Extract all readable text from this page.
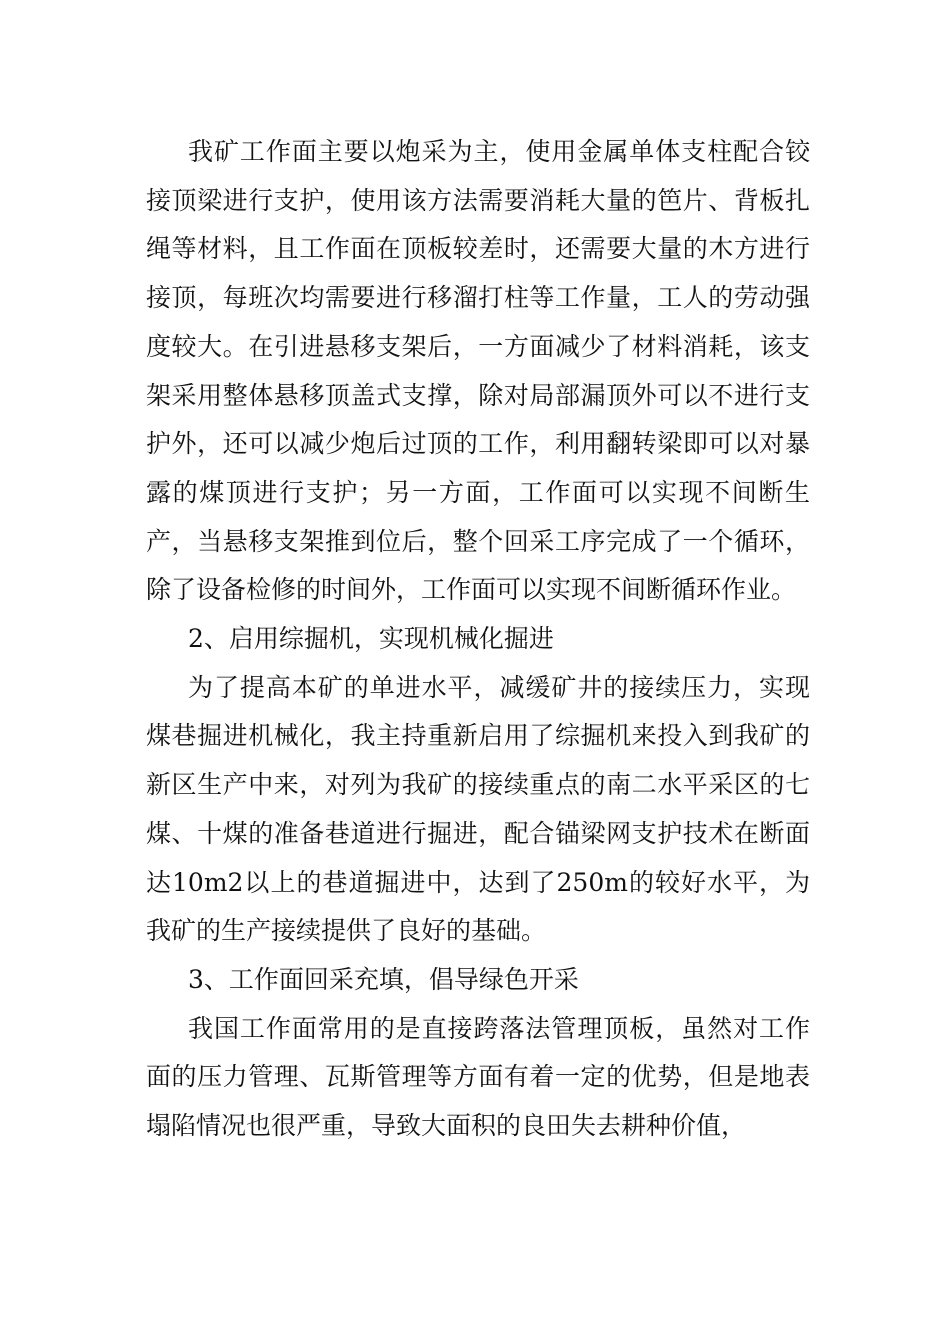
我矿工作面主要以炮采为主，使用金属单体支柱配合铰接顶梁进行支护，使用该方法需要消耗大量的笆片、背板扎绳等材料，且工作面在顶板较差时，还需要大量的木方进行接顶，每班次均需要进行移溜打柱等工作量，工人的劳动强度较大。在引进悬移支架后，一方面减少了材料消耗，该支架采用整体悬移顶盖式支撑，除对局部漏顶外可以不进行支护外，还可以减少炮后过顶的工作，利用翻转梁即可以对暴露的煤顶进行支护；另一方面，工作面可以实现不间断生产，当悬移支架推到位后，整个回采工序完成了一个循环，除了设备检修的时间外，工作面可以实现不间断循环作业。

2、启用综掘机，实现机械化掘进

为了提高本矿的单进水平，减缓矿井的接续压力，实现煤巷掘进机械化，我主持重新启用了综掘机来投入到我矿的新区生产中来，对列为我矿的接续重点的南二水平采区的七煤、十煤的准备巷道进行掘进，配合锚梁网支护技术在断面达10m2以上的巷道掘进中，达到了250m的较好水平，为我矿的生产接续提供了良好的基础。

3、工作面回采充填，倡导绿色开采

我国工作面常用的是直接跨落法管理顶板，虽然对工作面的压力管理、瓦斯管理等方面有着一定的优势，但是地表塌陷情况也很严重，导致大面积的良田失去耕种价值，
